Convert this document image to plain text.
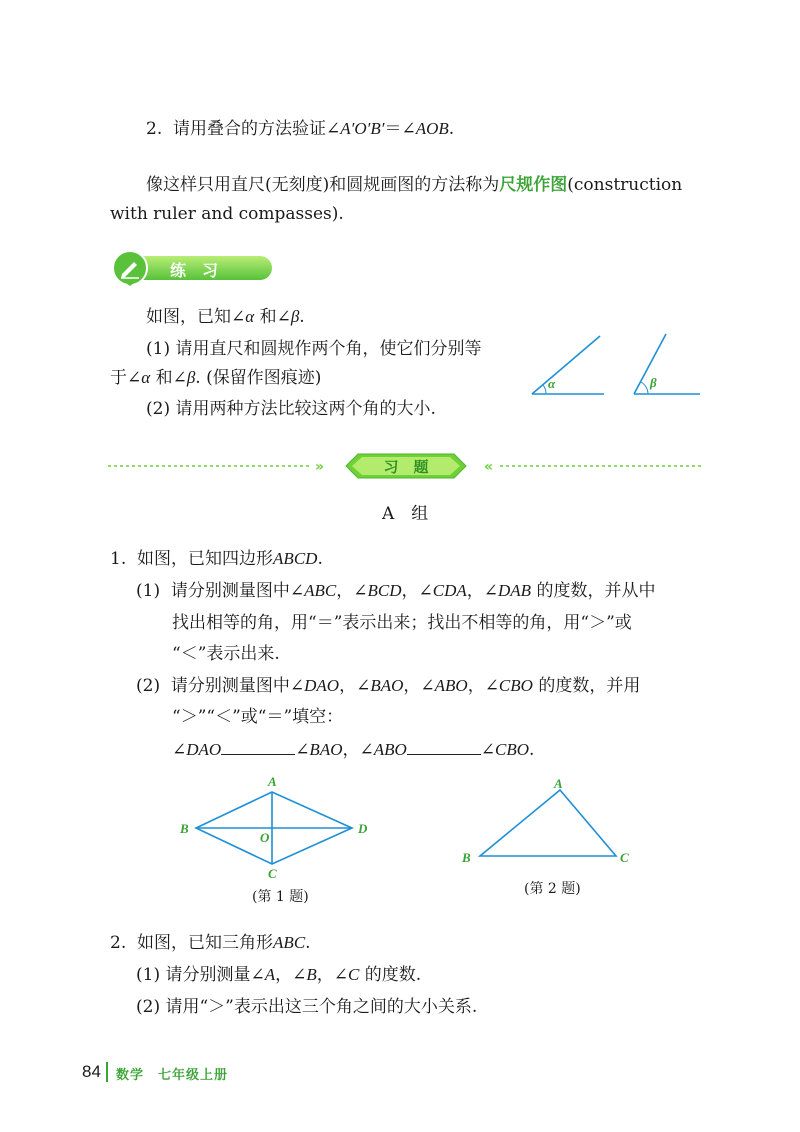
2. 请用叠合的方法验证∠A′O′B′＝∠AOB.
像这样只用直尺(无刻度)和圆规画图的方法称为尺规作图(construction
with ruler and compasses).
练　习
如图，已知∠α 和∠β.
(1) 请用直尺和圆规作两个角，使它们分别等
于∠α 和∠β. (保留作图痕迹)
(2) 请用两种方法比较这两个角的大小.
α	β
»	«
习　题
A　组
1. 如图，已知四边形ABCD.
(1) 请分别测量图中∠ABC，∠BCD，∠CDA，∠DAB 的度数，并从中
找出相等的角，用“＝”表示出来；找出不相等的角，用“＞”或
“＜”表示出来.
(2) 请分别测量图中∠DAO，∠BAO，∠ABO，∠CBO 的度数，并用
“＞”“＜”或“＝”填空：
∠DAO	∠BAO，∠ABO	∠CBO.
A
B
C
D
O
(第 1 题)
A
B	C
(第 2 题)
2. 如图，已知三角形ABC.
(1) 请分别测量∠A，∠B，∠C 的度数.
(2) 请用“＞”表示出这三个角之间的大小关系.
84 数学　七年级上册
